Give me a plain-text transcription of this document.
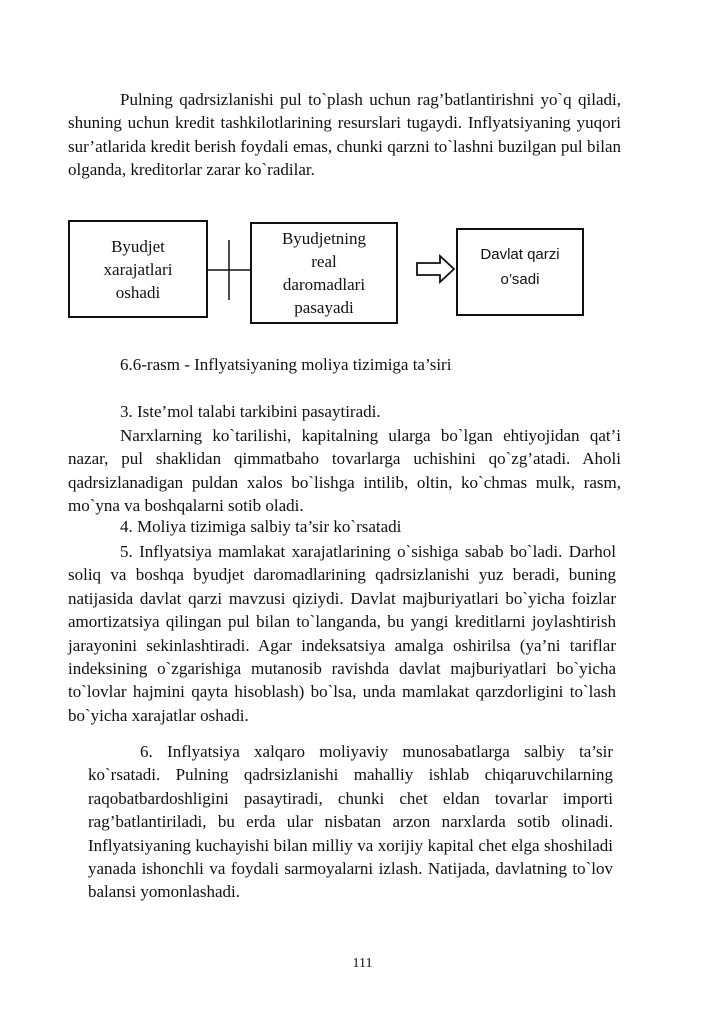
Pulning qadrsizlanishi pul to`plash uchun rag’batlantirishni yo`q qiladi, shuning uchun kredit tashkilotlarining resurslari tugaydi. Inflyatsiyaning yuqori sur’atlarida kredit berish foydali emas, chunki qarzni to`lashni buzilgan pul bilan olganda, kreditorlar zarar ko`radilar.

Byudjet
xarajatlari
oshadi
Byudjetning
real
daromadlari
pasayadi
Davlat qarzi
o’sadi

6.6-rasm - Inflyatsiyaning moliya tizimiga ta’siri

3. Iste’mol talabi tarkibini pasaytiradi.

Narxlarning ko`tarilishi, kapitalning ularga bo`lgan ehtiyojidan qat’i nazar, pul shaklidan qimmatbaho tovarlarga uchishini qo`zg’atadi. Aholi qadrsizlanadigan puldan xalos bo`lishga intilib, oltin, ko`chmas mulk, rasm, mo`yna va boshqalarni sotib oladi.

4. Moliya tizimiga salbiy ta’sir ko`rsatadi

5. Inflyatsiya mamlakat xarajatlarining o`sishiga sabab bo`ladi. Darhol soliq va boshqa byudjet daromadlarining qadrsizlanishi yuz beradi, buning natijasida davlat qarzi mavzusi qiziydi. Davlat majburiyatlari bo`yicha foizlar amortizatsiya qilingan pul bilan to`langanda, bu yangi kreditlarni joylashtirish jarayonini sekinlashtiradi. Agar indeksatsiya amalga oshirilsa (ya’ni tariflar indeksining o`zgarishiga mutanosib ravishda davlat majburiyatlari bo`yicha to`lovlar hajmini qayta hisoblash) bo`lsa, unda mamlakat qarzdorligini to`lash bo`yicha xarajatlar oshadi.

6. Inflyatsiya xalqaro moliyaviy munosabatlarga salbiy ta’sir ko`rsatadi. Pulning qadrsizlanishi mahalliy ishlab chiqaruvchilarning raqobatbardoshligini pasaytiradi, chunki chet eldan tovarlar importi rag’batlantiriladi, bu erda ular nisbatan arzon narxlarda sotib olinadi. Inflyatsiyaning kuchayishi bilan milliy va xorijiy kapital chet elga shoshiladi yanada ishonchli va foydali sarmoyalarni izlash. Natijada, davlatning to`lov balansi yomonlashadi.

111
